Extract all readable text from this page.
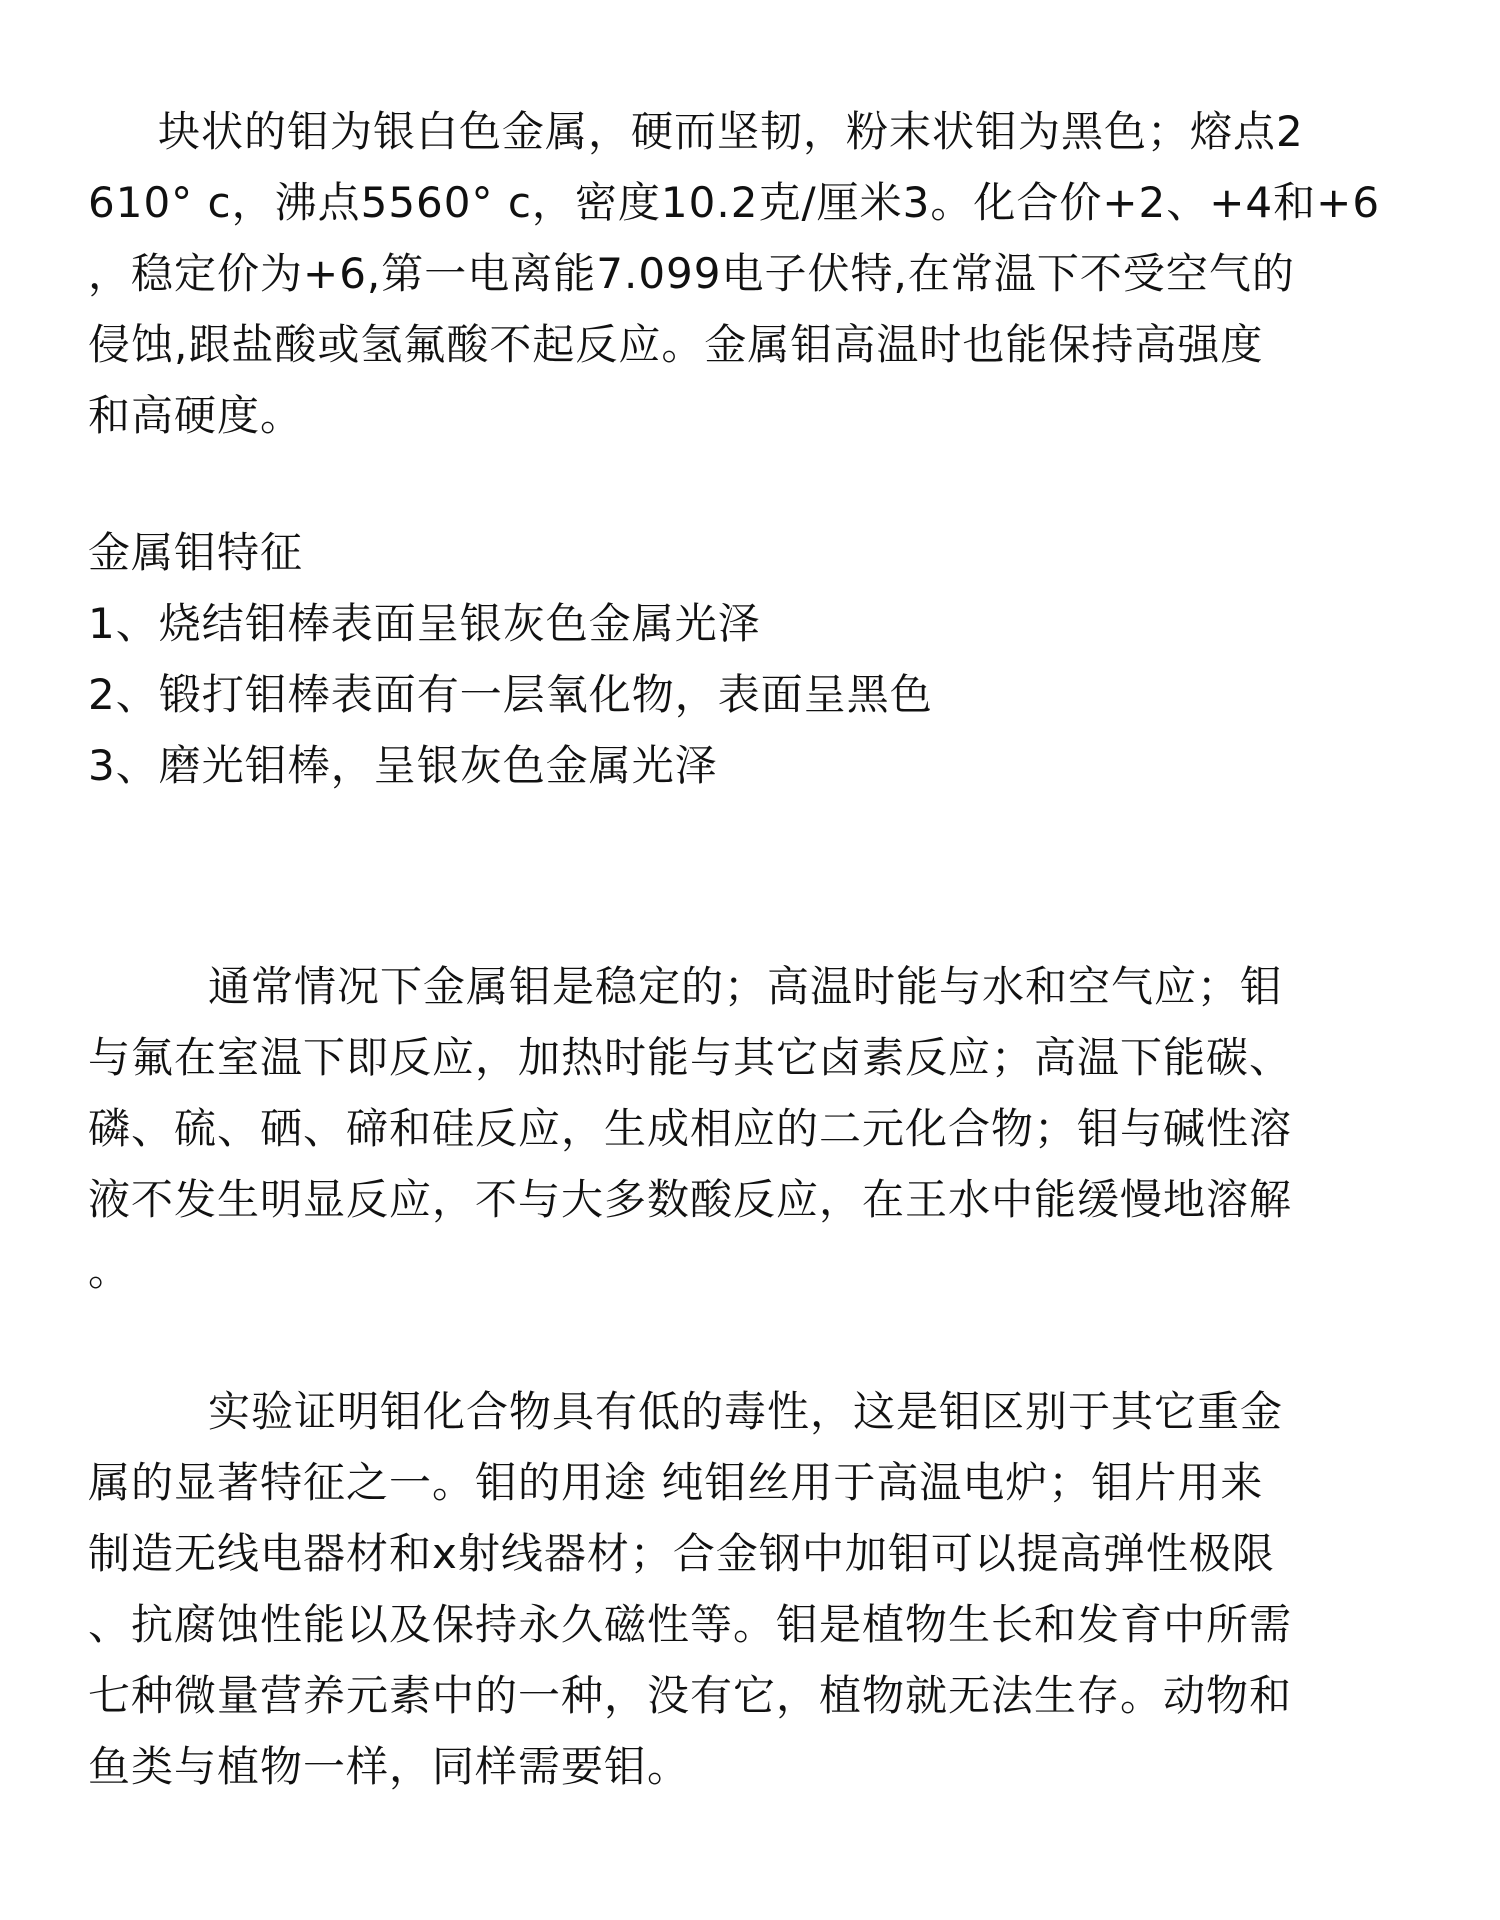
块状的钼为银白色金属，硬而坚韧，粉末状钼为黑色；熔点2
610° c，沸点5560° c，密度10.2克/厘米3。化合价+2、+4和+6
，稳定价为+6,第一电离能7.099电子伏特,在常温下不受空气的
侵蚀,跟盐酸或氢氟酸不起反应。金属钼高温时也能保持高强度
和高硬度。
金属钼特征
1、烧结钼棒表面呈银灰色金属光泽
2、锻打钼棒表面有一层氧化物，表面呈黑色
3、磨光钼棒，呈银灰色金属光泽
通常情况下金属钼是稳定的；高温时能与水和空气应；钼
与氟在室温下即反应，加热时能与其它卤素反应；高温下能碳、
磷、硫、硒、碲和硅反应，生成相应的二元化合物；钼与碱性溶
液不发生明显反应，不与大多数酸反应，在王水中能缓慢地溶解
。
实验证明钼化合物具有低的毒性，这是钼区别于其它重金
属的显著特征之一。钼的用途 纯钼丝用于高温电炉；钼片用来
制造无线电器材和x射线器材；合金钢中加钼可以提高弹性极限
、抗腐蚀性能以及保持永久磁性等。钼是植物生长和发育中所需
七种微量营养元素中的一种，没有它，植物就无法生存。动物和
鱼类与植物一样，同样需要钼。
